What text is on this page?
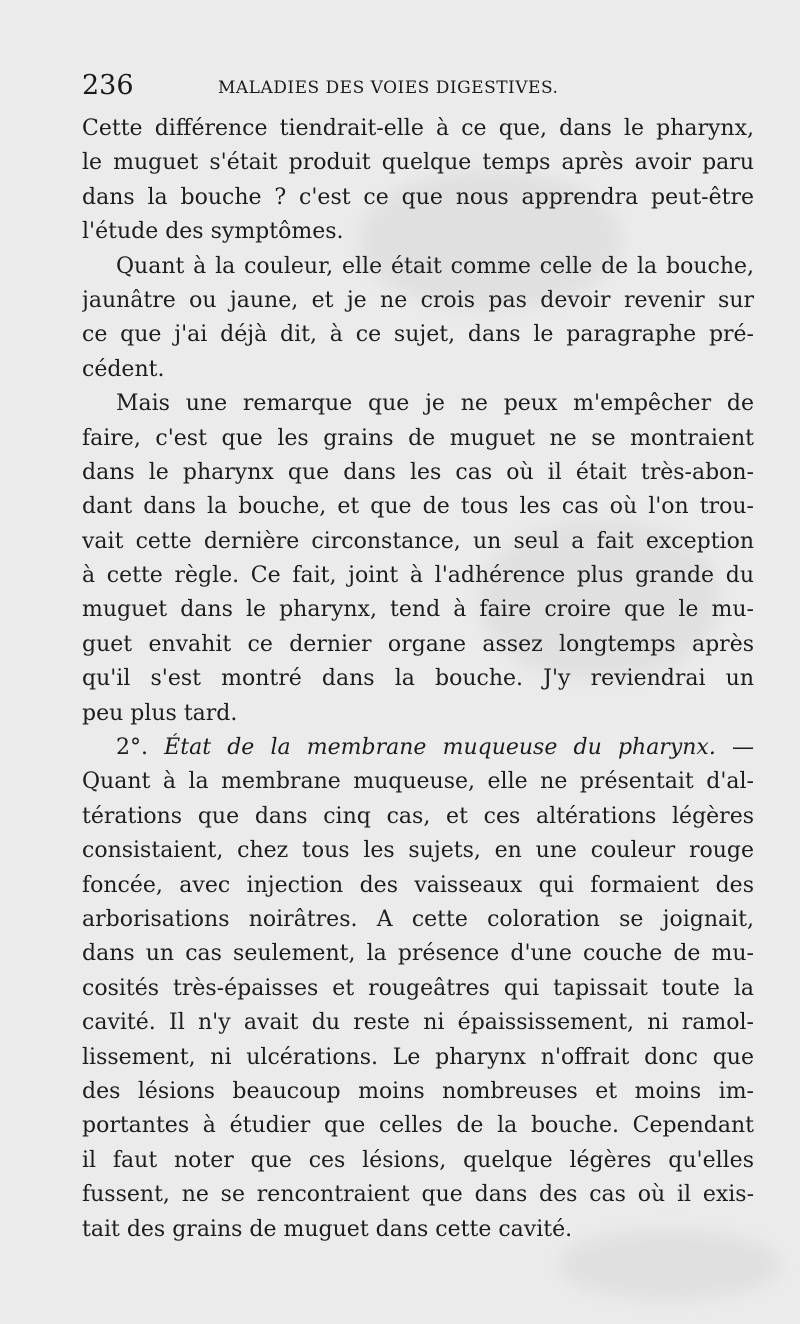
236	MALADIES DES VOIES DIGESTIVES.
Cette différence tiendrait-elle à ce que, dans le pharynx,
le muguet s'était produit quelque temps après avoir paru
dans la bouche ? c'est ce que nous apprendra peut-être
l'étude des symptômes.
Quant à la couleur, elle était comme celle de la bouche,
jaunâtre ou jaune, et je ne crois pas devoir revenir sur
ce que j'ai déjà dit, à ce sujet, dans le paragraphe pré-
cédent.
Mais une remarque que je ne peux m'empêcher de
faire, c'est que les grains de muguet ne se montraient
dans le pharynx que dans les cas où il était très-abon-
dant dans la bouche, et que de tous les cas où l'on trou-
vait cette dernière circonstance, un seul a fait exception
à cette règle. Ce fait, joint à l'adhérence plus grande du
muguet dans le pharynx, tend à faire croire que le mu-
guet envahit ce dernier organe assez longtemps après
qu'il s'est montré dans la bouche. J'y reviendrai un
peu plus tard.
2°. État de la membrane muqueuse du pharynx. —
Quant à la membrane muqueuse, elle ne présentait d'al-
térations que dans cinq cas, et ces altérations légères
consistaient, chez tous les sujets, en une couleur rouge
foncée, avec injection des vaisseaux qui formaient des
arborisations noirâtres. A cette coloration se joignait,
dans un cas seulement, la présence d'une couche de mu-
cosités très-épaisses et rougeâtres qui tapissait toute la
cavité. Il n'y avait du reste ni épaississement, ni ramol-
lissement, ni ulcérations. Le pharynx n'offrait donc que
des lésions beaucoup moins nombreuses et moins im-
portantes à étudier que celles de la bouche. Cependant
il faut noter que ces lésions, quelque légères qu'elles
fussent, ne se rencontraient que dans des cas où il exis-
tait des grains de muguet dans cette cavité.
